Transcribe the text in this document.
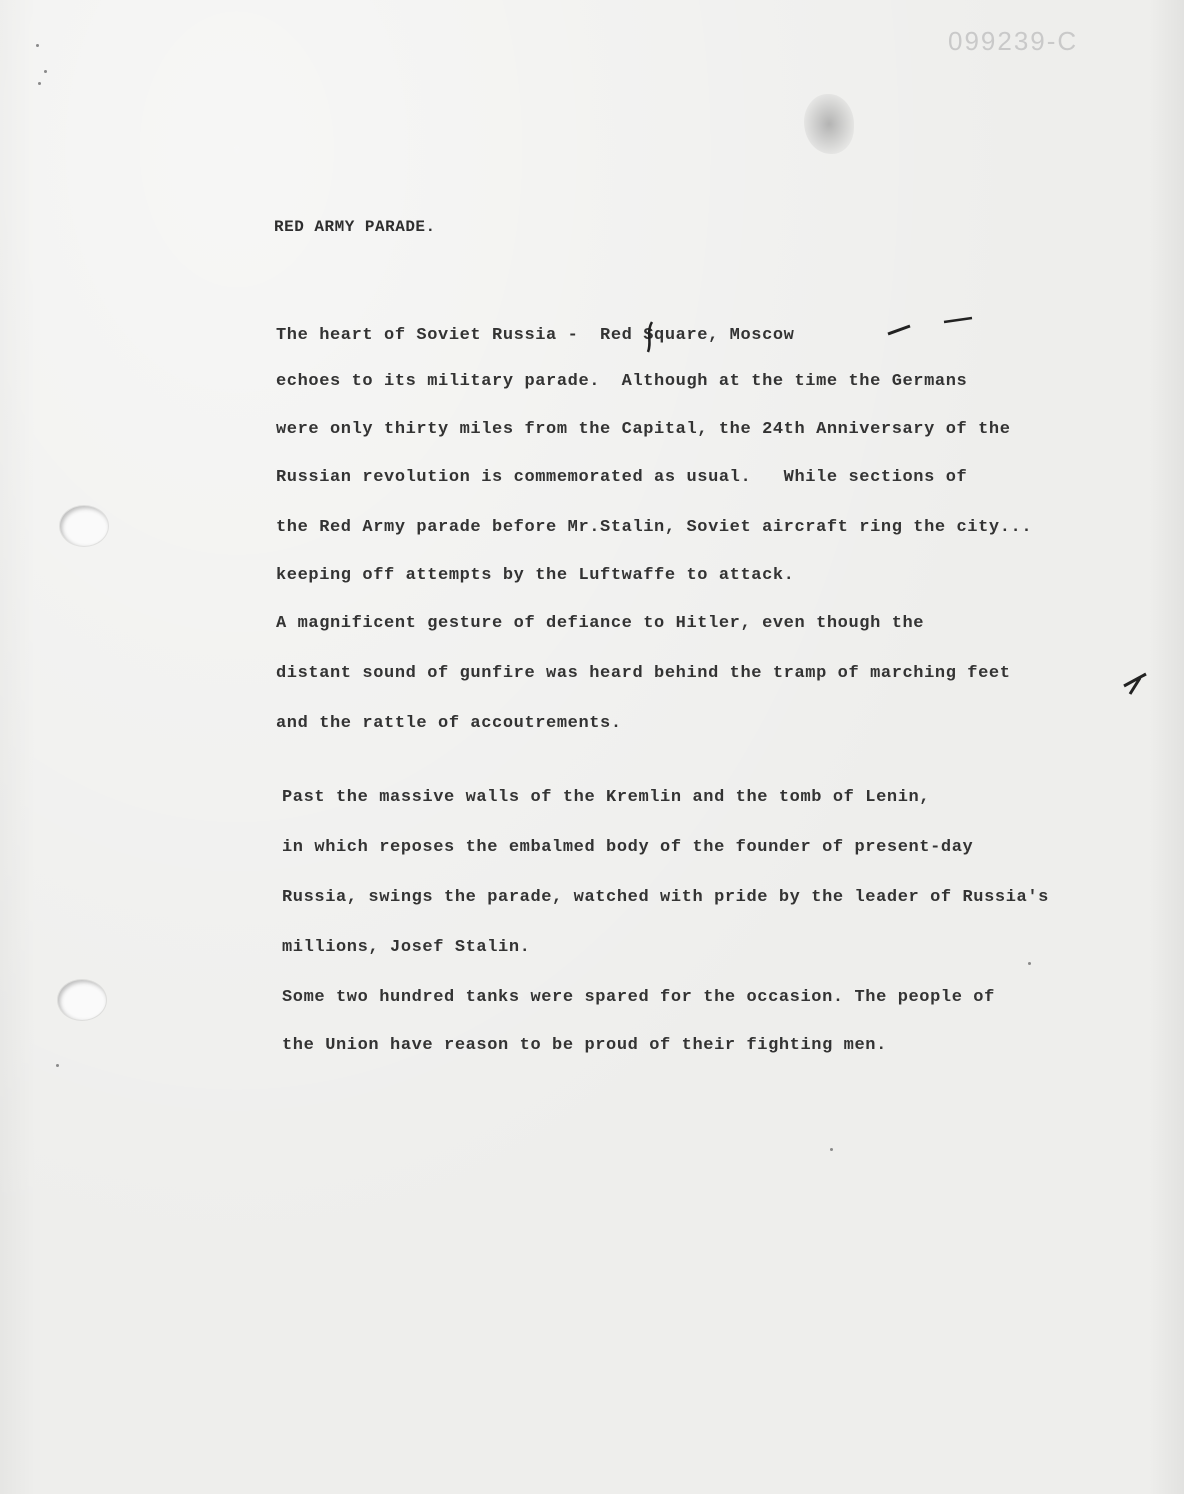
099239-C
RED ARMY PARADE.
The heart of Soviet Russia -  Red Square, Moscow
echoes to its military parade.  Although at the time the Germans
were only thirty miles from the Capital, the 24th Anniversary of the
Russian revolution is commemorated as usual.   While sections of
the Red Army parade before Mr.Stalin, Soviet aircraft ring the city...
keeping off attempts by the Luftwaffe to attack.
A magnificent gesture of defiance to Hitler, even though the
distant sound of gunfire was heard behind the tramp of marching feet
and the rattle of accoutrements.
Past the massive walls of the Kremlin and the tomb of Lenin,
in which reposes the embalmed body of the founder of present-day
Russia, swings the parade, watched with pride by the leader of Russia's
millions, Josef Stalin.
Some two hundred tanks were spared for the occasion. The people of
the Union have reason to be proud of their fighting men.
